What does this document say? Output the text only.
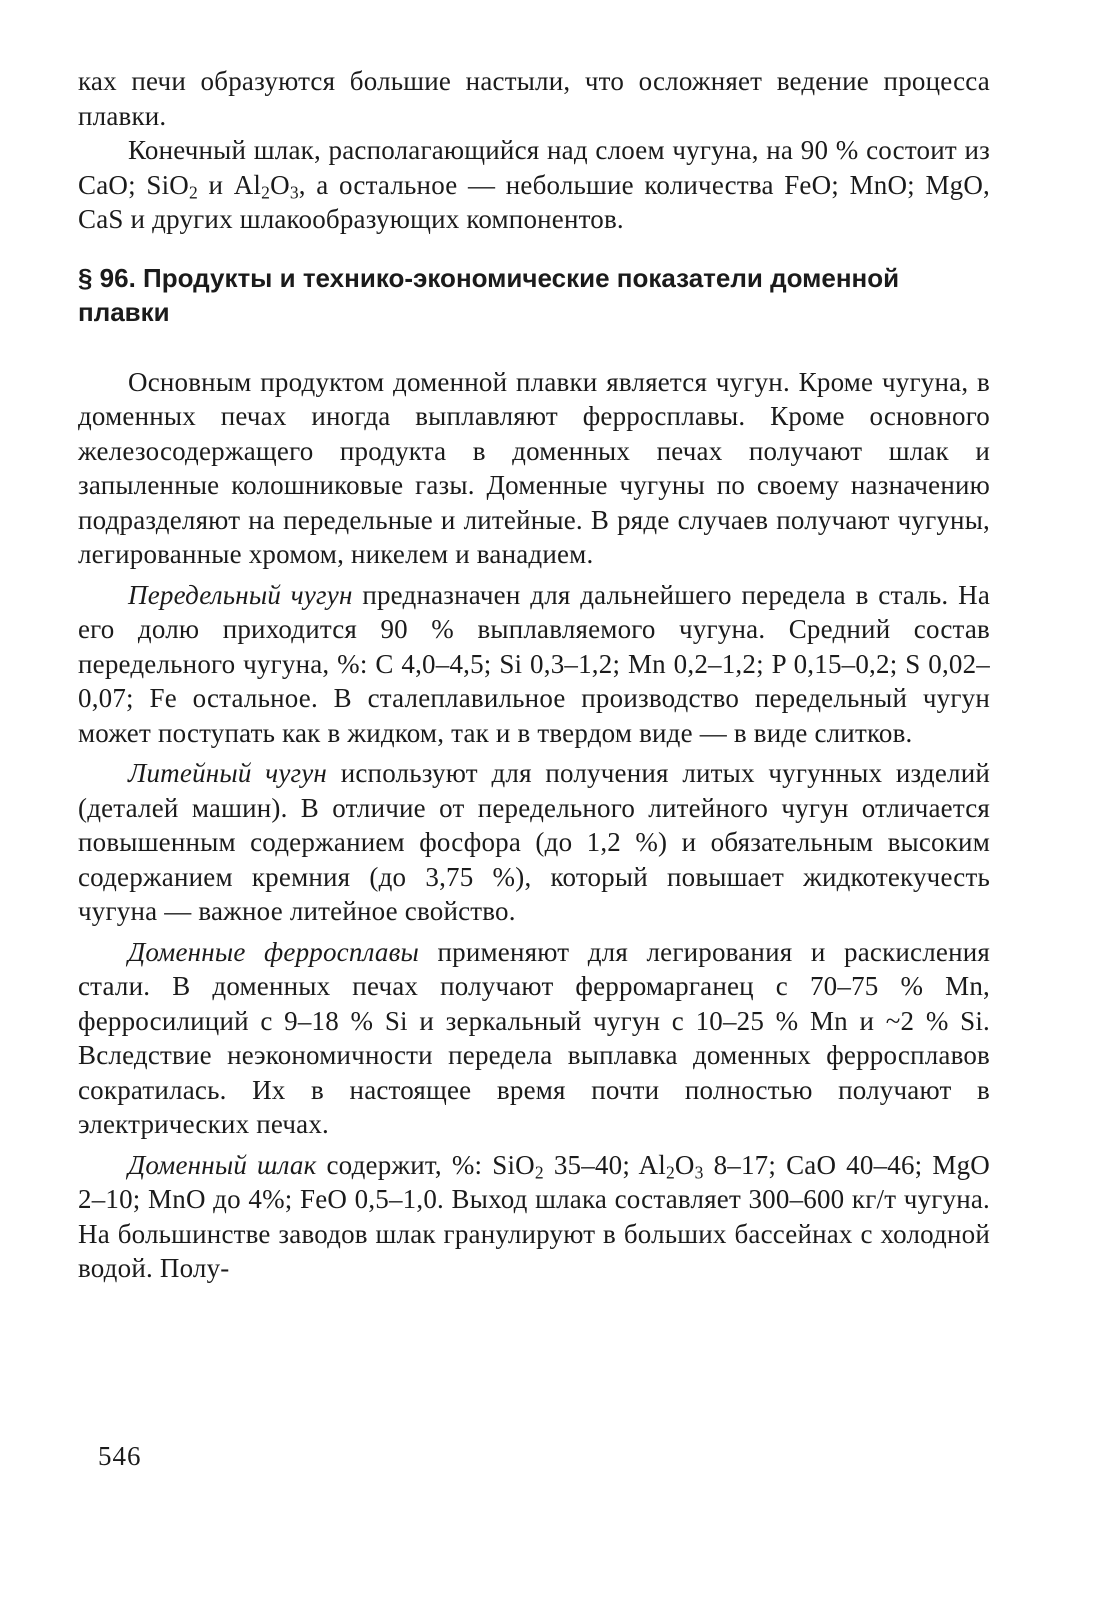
ках печи образуются большие настыли, что осложняет ведение процесса плавки.

Конечный шлак, располагающийся над слоем чугуна, на 90 % состоит из CaO; SiO$_2$ и $Al_2O_3$, а остальное — небольшие количества FeO; MnO; MgO, CaS и других шлакообразующих компонентов.

§ 96. Продукты и технико-экономические показатели доменной плавки

Основным продуктом доменной плавки является чугун. Кроме чугуна, в доменных печах иногда выплавляют ферросплавы. Кроме основного железосодержащего продукта в доменных печах получают шлак и запыленные колошниковые газы. Доменные чугуны по своему назначению подразделяют на передельные и литейные. В ряде случаев получают чугуны, легированные хромом, никелем и ванадием.

Передельный чугун предназначен для дальнейшего передела в сталь. На его долю приходится 90 % выплавляемого чугуна. Средний состав передельного чугуна, %: C 4,0–4,5; Si 0,3–1,2; Mn 0,2–1,2; P 0,15–0,2; S 0,02–0,07; Fe остальное. В сталеплавильное производство передельный чугун может поступать как в жидком, так и в твердом виде — в виде слитков.

Литейный чугун используют для получения литых чугунных изделий (деталей машин). В отличие от передельного литейного чугун отличается повышенным содержанием фосфора (до 1,2 %) и обязательным высоким содержанием кремния (до 3,75 %), который повышает жидкотекучесть чугуна — важное литейное свойство.

Доменные ферросплавы применяют для легирования и раскисления стали. В доменных печах получают ферромарганец с 70–75 % Mn, ферросилиций с 9–18 % Si и зеркальный чугун с 10–25 % Mn и ~2 % Si. Вследствие неэкономичности передела выплавка доменных ферросплавов сократилась. Их в настоящее время почти полностью получают в электрических печах.

Доменный шлак содержит, %: SiO$_2$ 35–40; $Al_2O_3$ 8–17; CaO 40–46; MgO 2–10; MnO до 4%; FeO 0,5–1,0. Выход шлака составляет 300–600 кг/т чугуна. На большинстве заводов шлак гранулируют в больших бассейнах с холодной водой. Полу-

546
